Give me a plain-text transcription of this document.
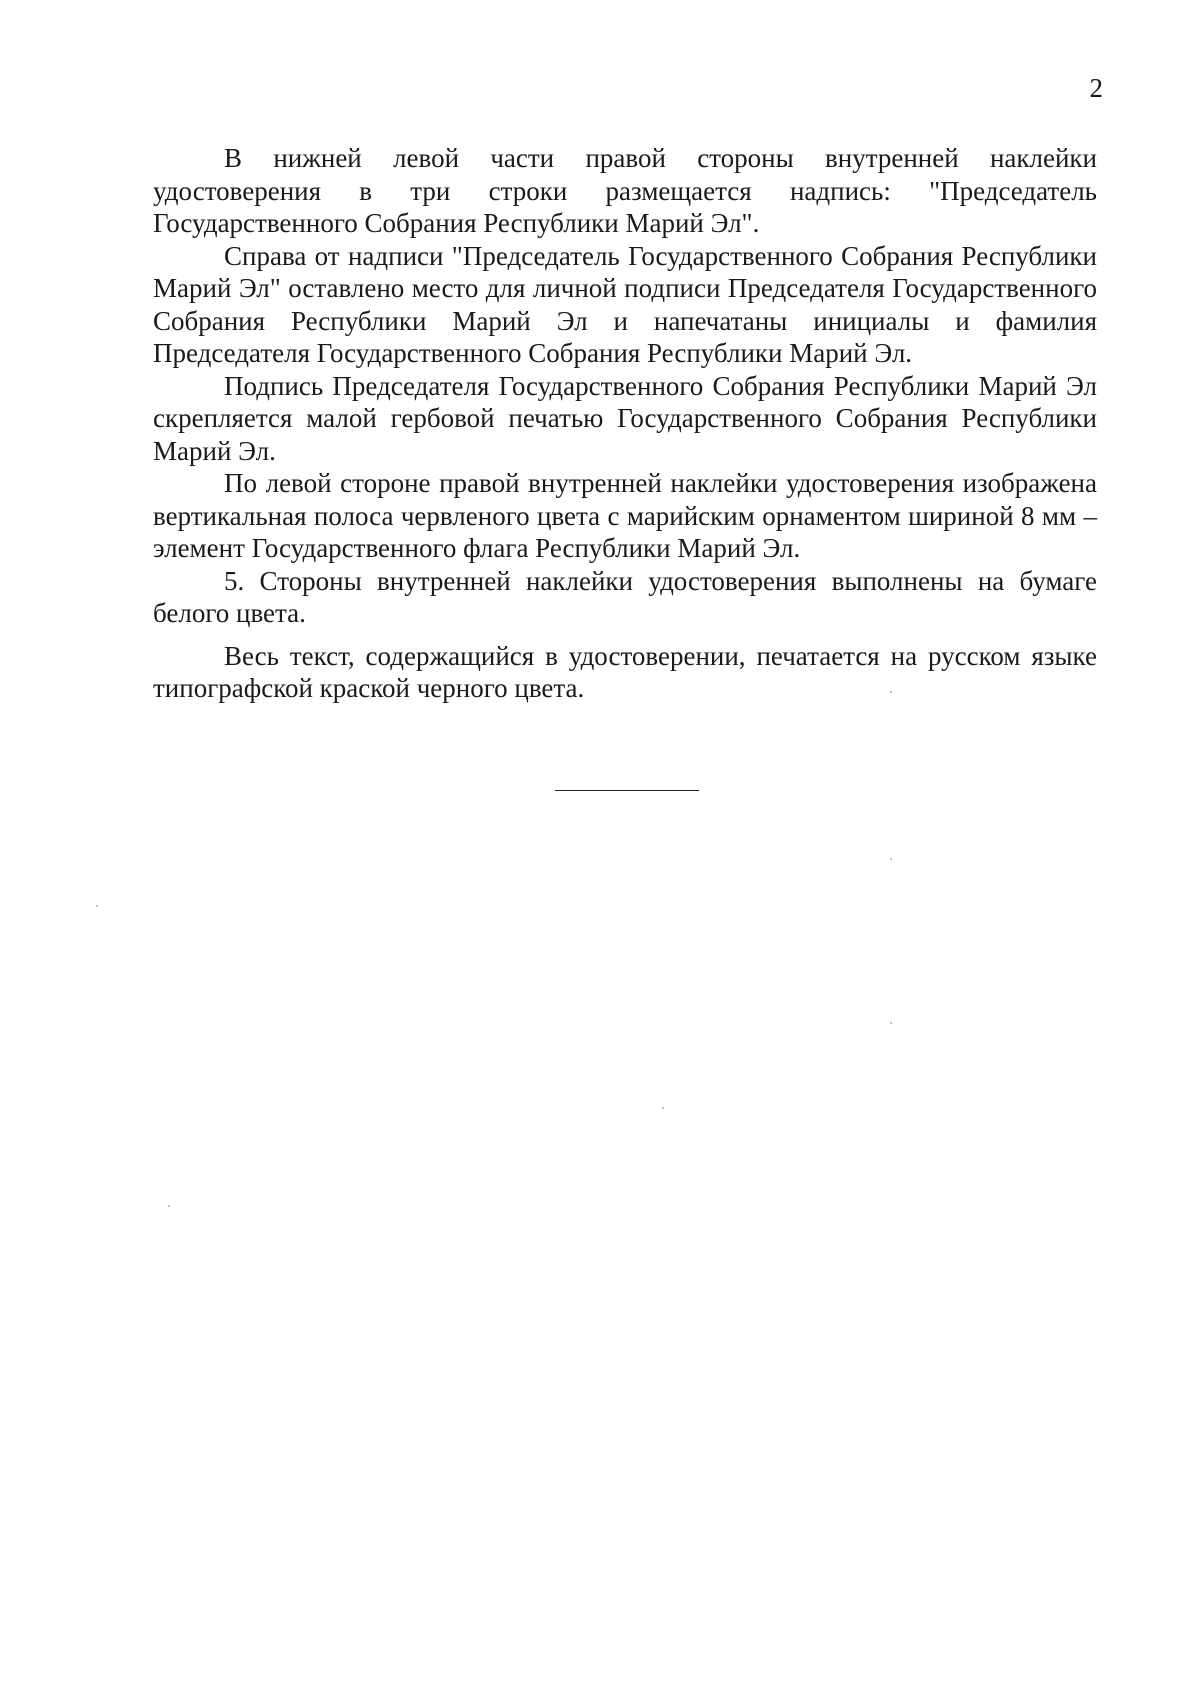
2

В нижней левой части правой стороны внутренней наклейки удостоверения в три строки размещается надпись: "Председатель Государственного Собрания Республики Марий Эл".

Справа от надписи "Председатель Государственного Собрания Республики Марий Эл" оставлено место для личной подписи Председателя Государственного Собрания Республики Марий Эл и напечатаны инициалы и фамилия Председателя Государственного Собрания Республики Марий Эл.

Подпись Председателя Государственного Собрания Республики Марий Эл скрепляется малой гербовой печатью Государственного Собрания Республики Марий Эл.

По левой стороне правой внутренней наклейки удостоверения изображена вертикальная полоса червленого цвета с марийским орнаментом шириной 8 мм – элемент Государственного флага Республики Марий Эл.

5. Стороны внутренней наклейки удостоверения выполнены на бумаге белого цвета.

Весь текст, содержащийся в удостоверении, печатается на русском языке типографской краской черного цвета.
